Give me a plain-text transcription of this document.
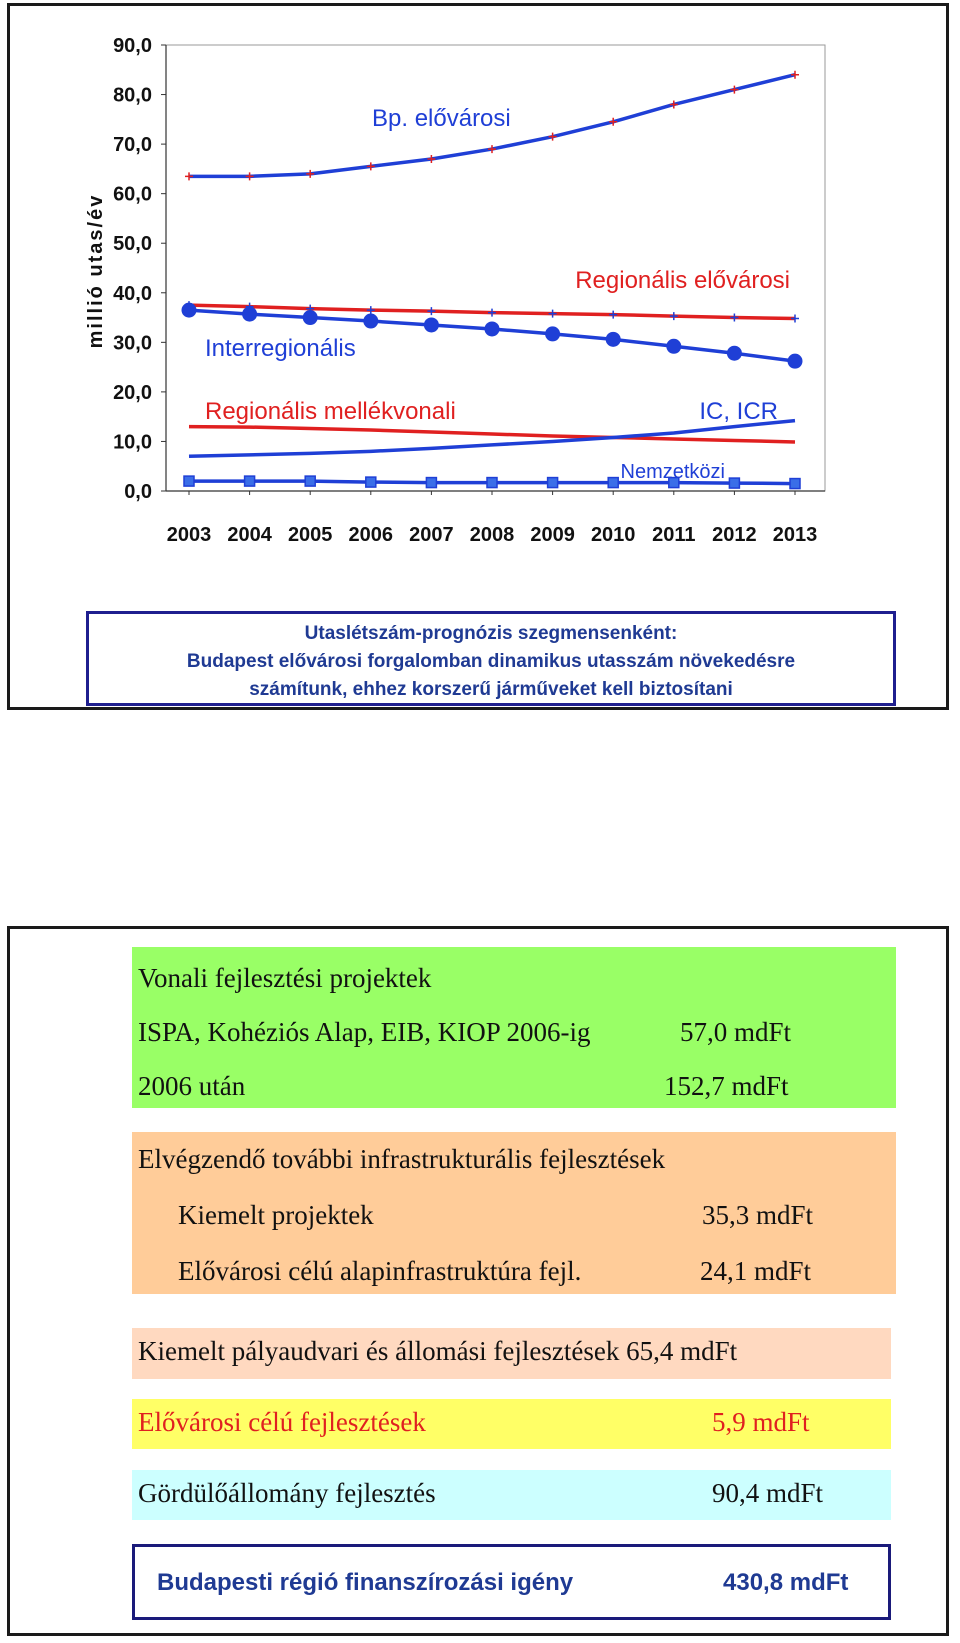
0,0
10,0
20,0
30,0
40,0
50,0
60,0
70,0
80,0
90,0
2003 2004 2005 2006 2007 2008 2009 2010 2011 2012 2013
millió utas/év
Bp. elővárosi
Regionális elővárosi
Interregionális
Regionális mellékvonali	IC, ICR
Nemzetközi
Utaslétszám-prognózis szegmensenként:
Budapest elővárosi forgalomban dinamikus utasszám növekedésre
számítunk, ehhez korszerű járműveket kell biztosítani
Vonali fejlesztési projektek
ISPA, Kohéziós Alap, EIB, KIOP 2006-ig	57,0 mdFt
2006 után	152,7 mdFt
Elvégzendő további infrastrukturális fejlesztések
Kiemelt projektek	35,3 mdFt
Elővárosi célú alapinfrastruktúra fejl.	24,1 mdFt
Kiemelt pályaudvari és állomási fejlesztések 65,4 mdFt
Elővárosi célú fejlesztések	5,9 mdFt
Gördülőállomány fejlesztés	90,4 mdFt
Budapesti régió finanszírozási igény	430,8 mdFt
